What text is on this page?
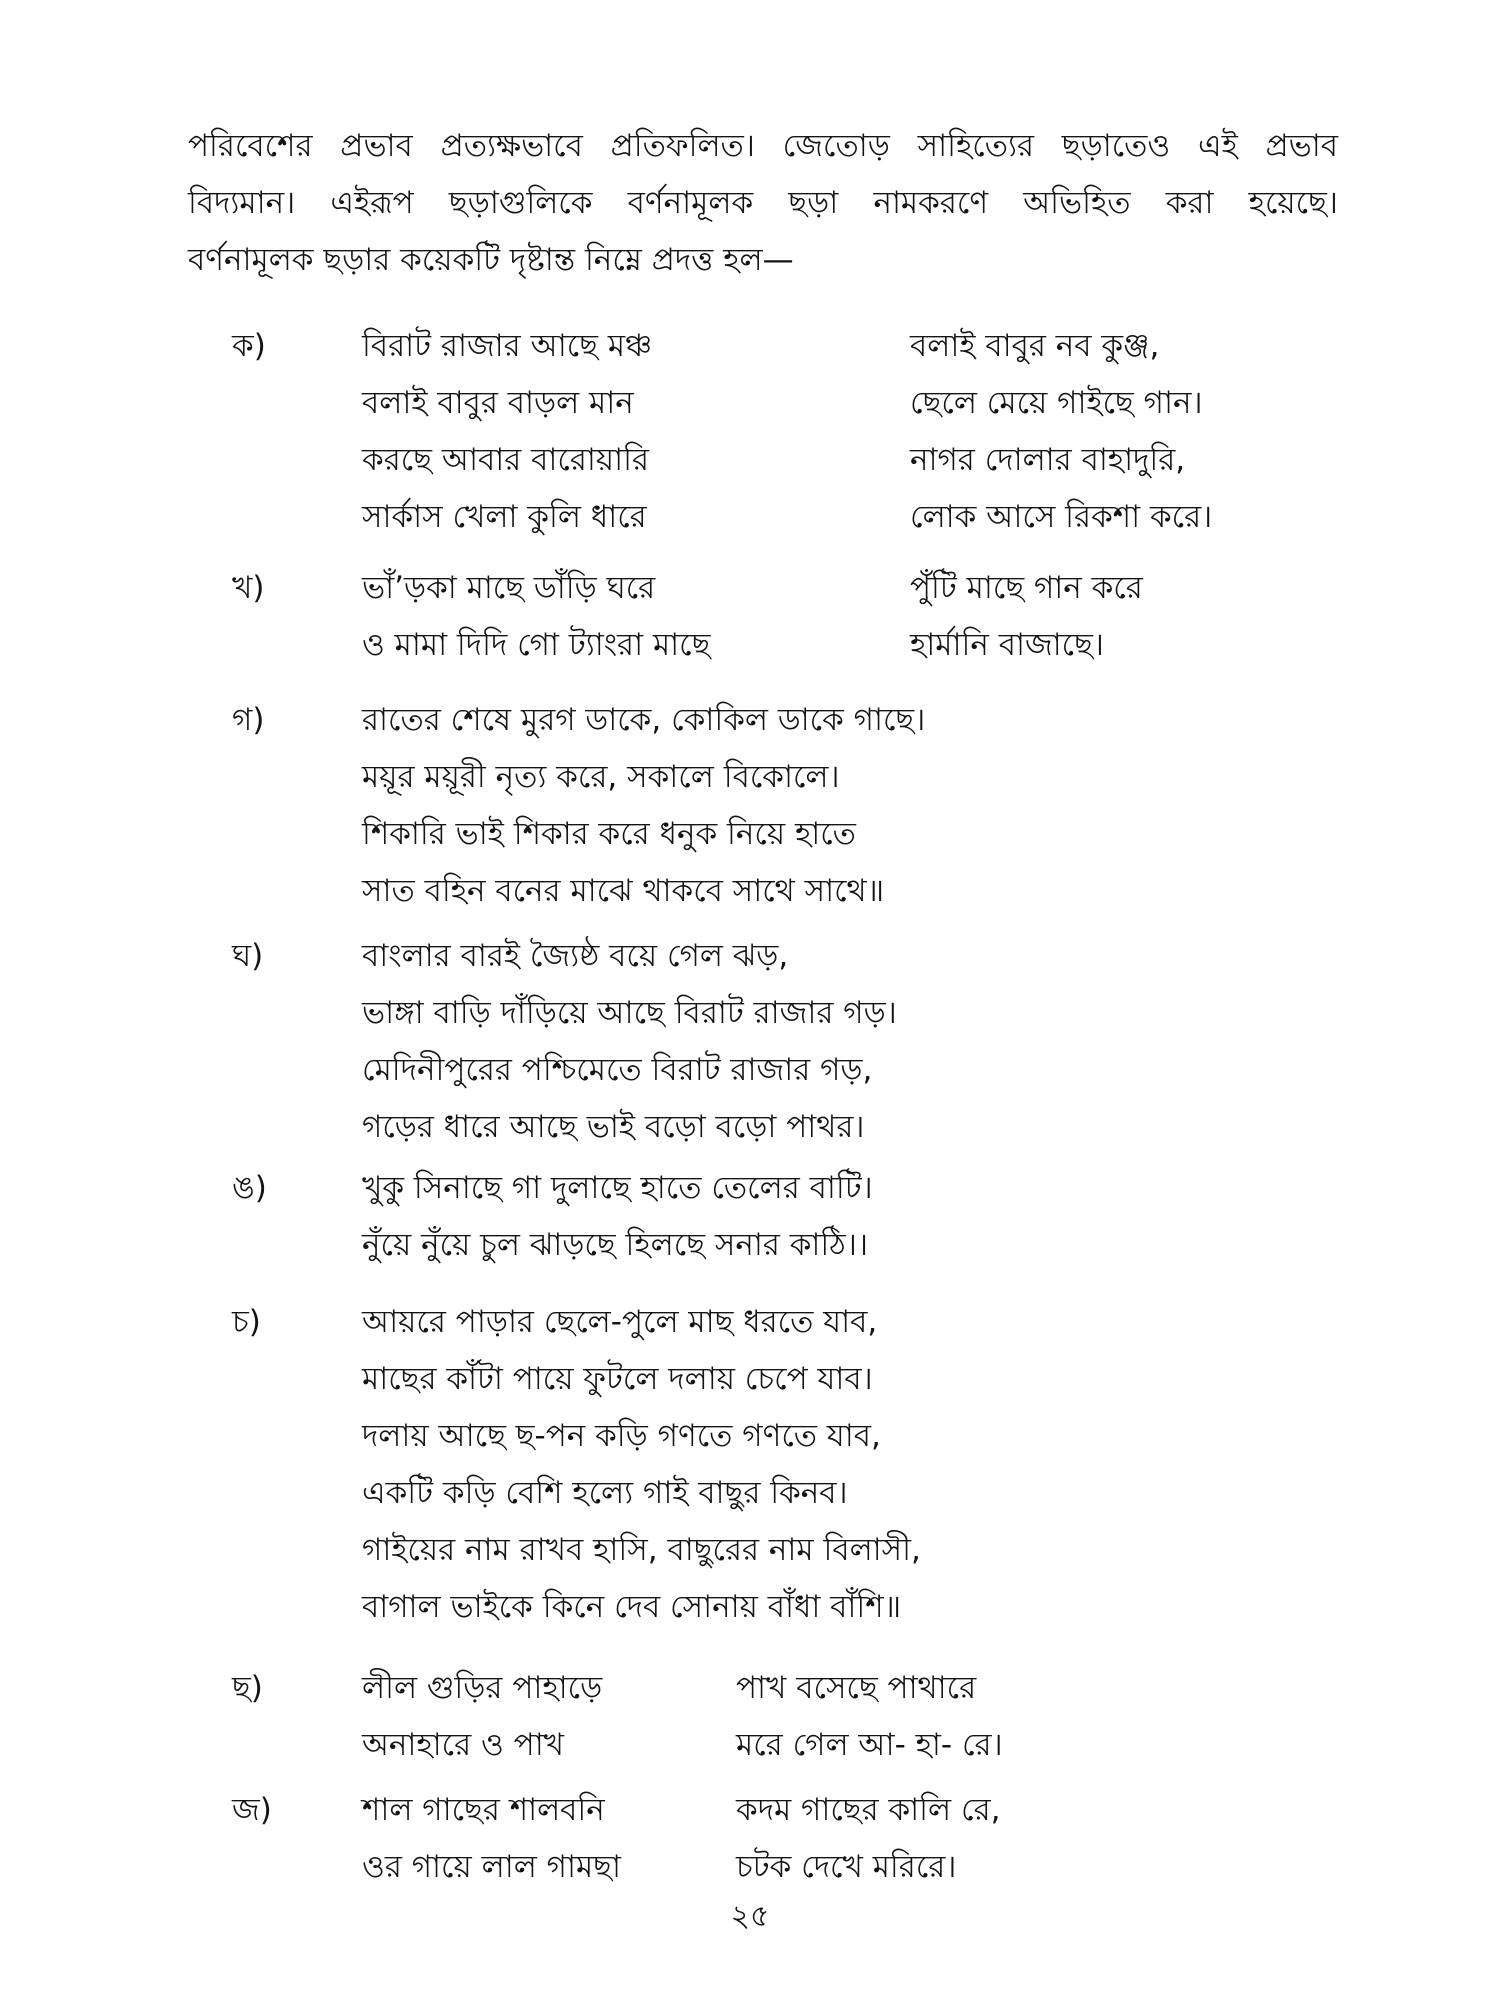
পরিবেশের প্রভাব প্রত্যক্ষভাবে প্রতিফলিত। জেতোড় সাহিত্যের ছড়াতেও এই প্রভাব

বিদ্যমান। এইরূপ ছড়াগুলিকে বর্ণনামূলক ছড়া নামকরণে অভিহিত করা হয়েছে।

বর্ণনামূলক ছড়ার কয়েকটি দৃষ্টান্ত নিম্নে প্রদত্ত হল—

ক)	বিরাট রাজার আছে মঞ্চ	বলাই বাবুর নব কুঞ্জ,
বলাই বাবুর বাড়ল মান	ছেলে মেয়ে গাইছে গান।
করছে আবার বারোয়ারি	নাগর দোলার বাহাদুরি,
সার্কাস খেলা কুলি ধারে	লোক আসে রিকশা করে।
খ)	ভাঁ’ড়কা মাছে ডাঁড়ি ঘরে	পুঁটি মাছে গান করে
ও মামা দিদি গো ট্যাংরা মাছে	হার্মানি বাজাছে।
গ)	রাতের শেষে মুরগ ডাকে, কোকিল ডাকে গাছে।
ময়ূর ময়ূরী নৃত্য করে, সকালে বিকোলে।
শিকারি ভাই শিকার করে ধনুক নিয়ে হাতে
সাত বহিন বনের মাঝে থাকবে সাথে সাথে॥
ঘ)	বাংলার বারই জ্যৈষ্ঠ বয়ে গেল ঝড়,
ভাঙ্গা বাড়ি দাঁড়িয়ে আছে বিরাট রাজার গড়।
মেদিনীপুরের পশ্চিমেতে বিরাট রাজার গড়,
গড়ের ধারে আছে ভাই বড়ো বড়ো পাথর।
ঙ)	খুকু সিনাছে গা দুলাছে হাতে তেলের বাটি।
নুঁয়ে নুঁয়ে চুল ঝাড়ছে হিলছে সনার কাঠি।।
চ)	আয়রে পাড়ার ছেলে-পুলে মাছ ধরতে যাব,
মাছের কাঁটা পায়ে ফুটলে দলায় চেপে যাব।
দলায় আছে ছ-পন কড়ি গণতে গণতে যাব,
একটি কড়ি বেশি হল্যে গাই বাছুর কিনব।
গাইয়ের নাম রাখব হাসি, বাছুরের নাম বিলাসী,
বাগাল ভাইকে কিনে দেব সোনায় বাঁধা বাঁশি॥
ছ)	লীল গুড়ির পাহাড়ে	পাখ বসেছে পাথারে
অনাহারে ও পাখ	মরে গেল আ- হা- রে।
জ)	শাল গাছের শালবনি	কদম গাছের কালি রে,
ওর গায়ে লাল গামছা	চটক দেখে মরিরে।
২৫
